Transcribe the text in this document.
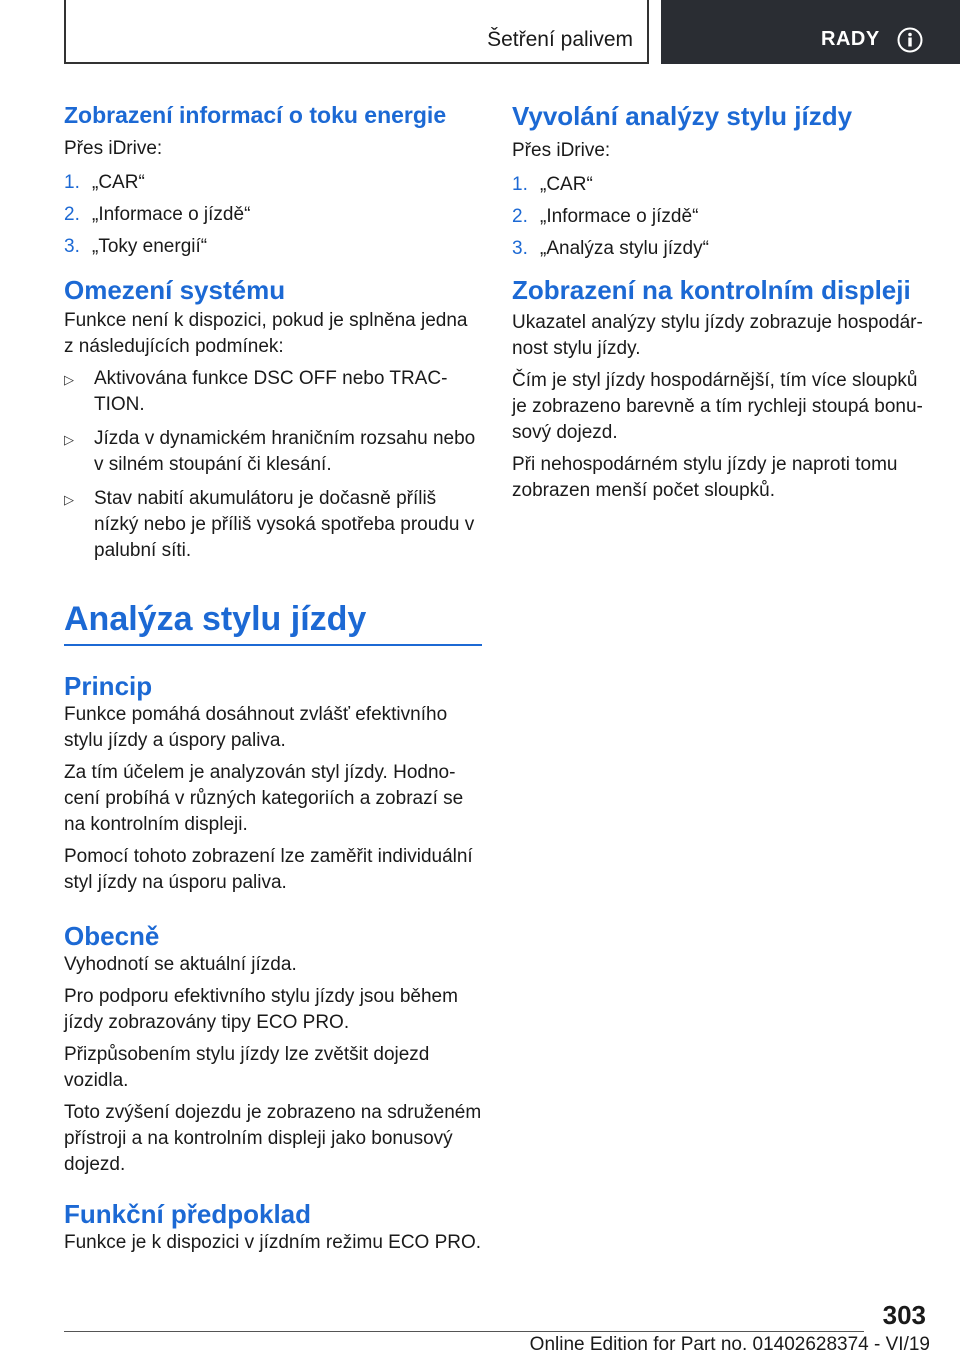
Šetření palivem	RADY
Zobrazení informací o toku energie

Přes iDrive:

1. „CAR“
2. „Informace o jízdě“
3. „Toky energií“
Omezení systému

Funkce není k dispozici, pokud je splněna jedna z následujících podmínek:

▷	Aktivována funkce DSC OFF nebo TRACTION.
▷	Jízda v dynamickém hraničním rozsahu nebo v silném stoupání či klesání.
▷	Stav nabití akumulátoru je dočasně příliš nízký nebo je příliš vysoká spotřeba proudu v palubní síti.
Analýza stylu jízdy
Princip

Funkce pomáhá dosáhnout zvlášť efektivního stylu jízdy a úspory paliva.

Za tím účelem je analyzován styl jízdy. Hodnocení probíhá v různých kategoriích a zobrazí se na kontrolním displeji.

Pomocí tohoto zobrazení lze zaměřit individuální styl jízdy na úsporu paliva.

Obecně

Vyhodnotí se aktuální jízda.

Pro podporu efektivního stylu jízdy jsou během jízdy zobrazovány tipy ECO PRO.

Přizpůsobením stylu jízdy lze zvětšit dojezd vozidla.

Toto zvýšení dojezdu je zobrazeno na sdruženém přístroji a na kontrolním displeji jako bonusový dojezd.

Funkční předpoklad

Funkce je k dispozici v jízdním režimu ECO PRO.

Vyvolání analýzy stylu jízdy

Přes iDrive:

1. „CAR“
2. „Informace o jízdě“
3. „Analýza stylu jízdy“
Zobrazení na kontrolním displeji

Ukazatel analýzy stylu jízdy zobrazuje hospodárnost stylu jízdy.

Čím je styl jízdy hospodárnější, tím více sloupků je zobrazeno barevně a tím rychleji stoupá bonusový dojezd.

Při nehospodárném stylu jízdy je naproti tomu zobrazen menší počet sloupků.

303
Online Edition for Part no. 01402628374 - VI/19
